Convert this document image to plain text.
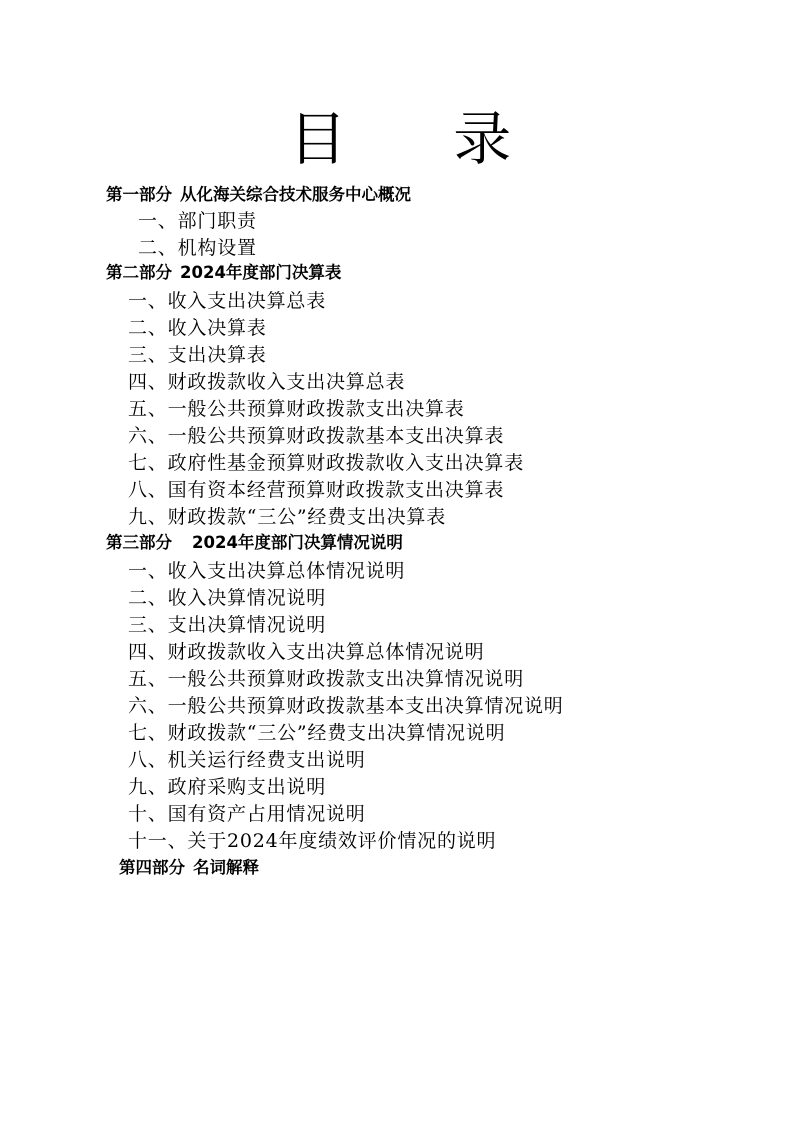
目 录
第一部分 从化海关综合技术服务中心概况
一、部门职责
二、机构设置
第二部分 2024年度部门决算表
一、收入支出决算总表
二、收入决算表
三、支出决算表
四、财政拨款收入支出决算总表
五、一般公共预算财政拨款支出决算表
六、一般公共预算财政拨款基本支出决算表
七、政府性基金预算财政拨款收入支出决算表
八、国有资本经营预算财政拨款支出决算表
九、财政拨款“三公”经费支出决算表
第三部分 2024年度部门决算情况说明
一、收入支出决算总体情况说明
二、收入决算情况说明
三、支出决算情况说明
四、财政拨款收入支出决算总体情况说明
五、一般公共预算财政拨款支出决算情况说明
六、一般公共预算财政拨款基本支出决算情况说明
七、财政拨款“三公”经费支出决算情况说明
八、机关运行经费支出说明
九、政府采购支出说明
十、国有资产占用情况说明
十一、关于2024年度绩效评价情况的说明
第四部分 名词解释
